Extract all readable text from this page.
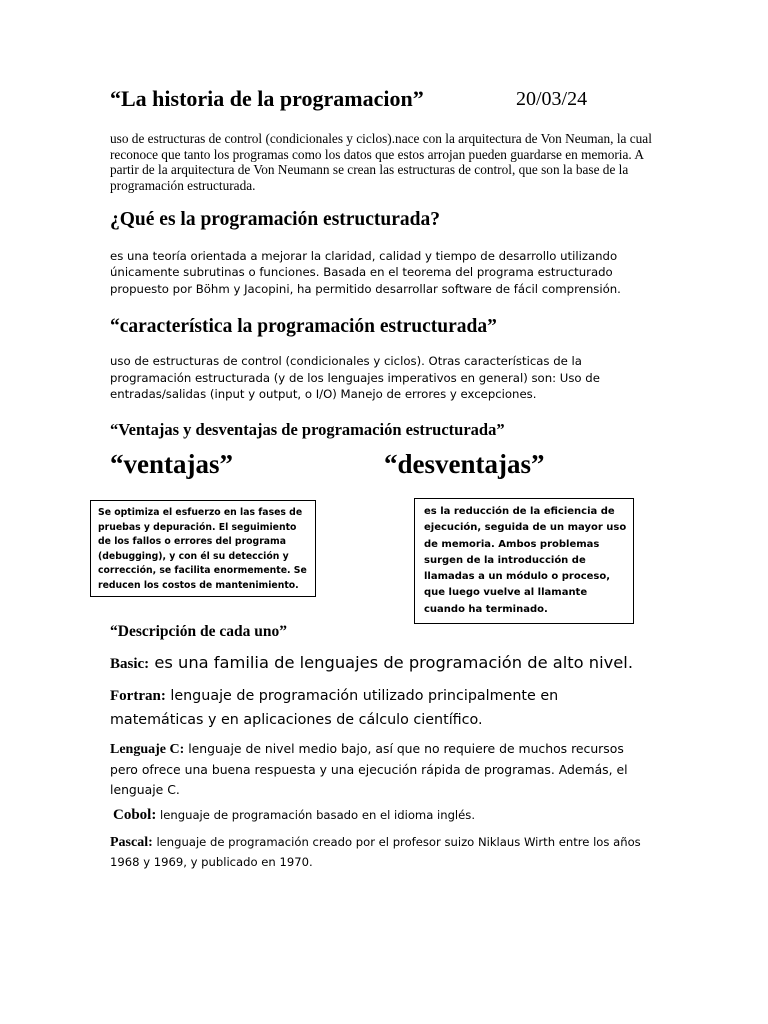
“La historia de la programacion”	20/03/24

uso de estructuras de control (condicionales y ciclos).nace con la arquitectura de Von Neuman, la cual reconoce que tanto los programas como los datos que estos arrojan pueden guardarse en memoria. A partir de la arquitectura de Von Neumann se crean las estructuras de control, que son la base de la programación estructurada.

¿Qué es la programación estructurada?

es una teoría orientada a mejorar la claridad, calidad y tiempo de desarrollo utilizando únicamente subrutinas o funciones. Basada en el teorema del programa estructurado propuesto por Böhm y Jacopini, ha permitido desarrollar software de fácil comprensión.

“característica la programación estructurada”

uso de estructuras de control (condicionales y ciclos). Otras características de la programación estructurada (y de los lenguajes imperativos en general) son: Uso de entradas/salidas (input y output, o I/O) Manejo de errores y excepciones.

“Ventajas y desventajas de programación estructurada”
“ventajas”	“desventajas”
Se optimiza el esfuerzo en las fases de pruebas y depuración. El seguimiento de los fallos o errores del programa (debugging), y con él su detección y corrección, se facilita enormemente. Se reducen los costos de mantenimiento.
es la reducción de la eficiencia de ejecución, seguida de un mayor uso de memoria. Ambos problemas surgen de la introducción de llamadas a un módulo o proceso, que luego vuelve al llamante cuando ha terminado.
“Descripción de cada uno”
Basic: es una familia de lenguajes de programación de alto nivel.
Fortran: lenguaje de programación utilizado principalmente en matemáticas y en aplicaciones de cálculo científico.
Lenguaje C: lenguaje de nivel medio bajo, así que no requiere de muchos recursos pero ofrece una buena respuesta y una ejecución rápida de programas. Además, el lenguaje C.
Cobol: lenguaje de programación basado en el idioma inglés.
Pascal: lenguaje de programación creado por el profesor suizo Niklaus Wirth entre los años 1968 y 1969, y publicado en 1970.
